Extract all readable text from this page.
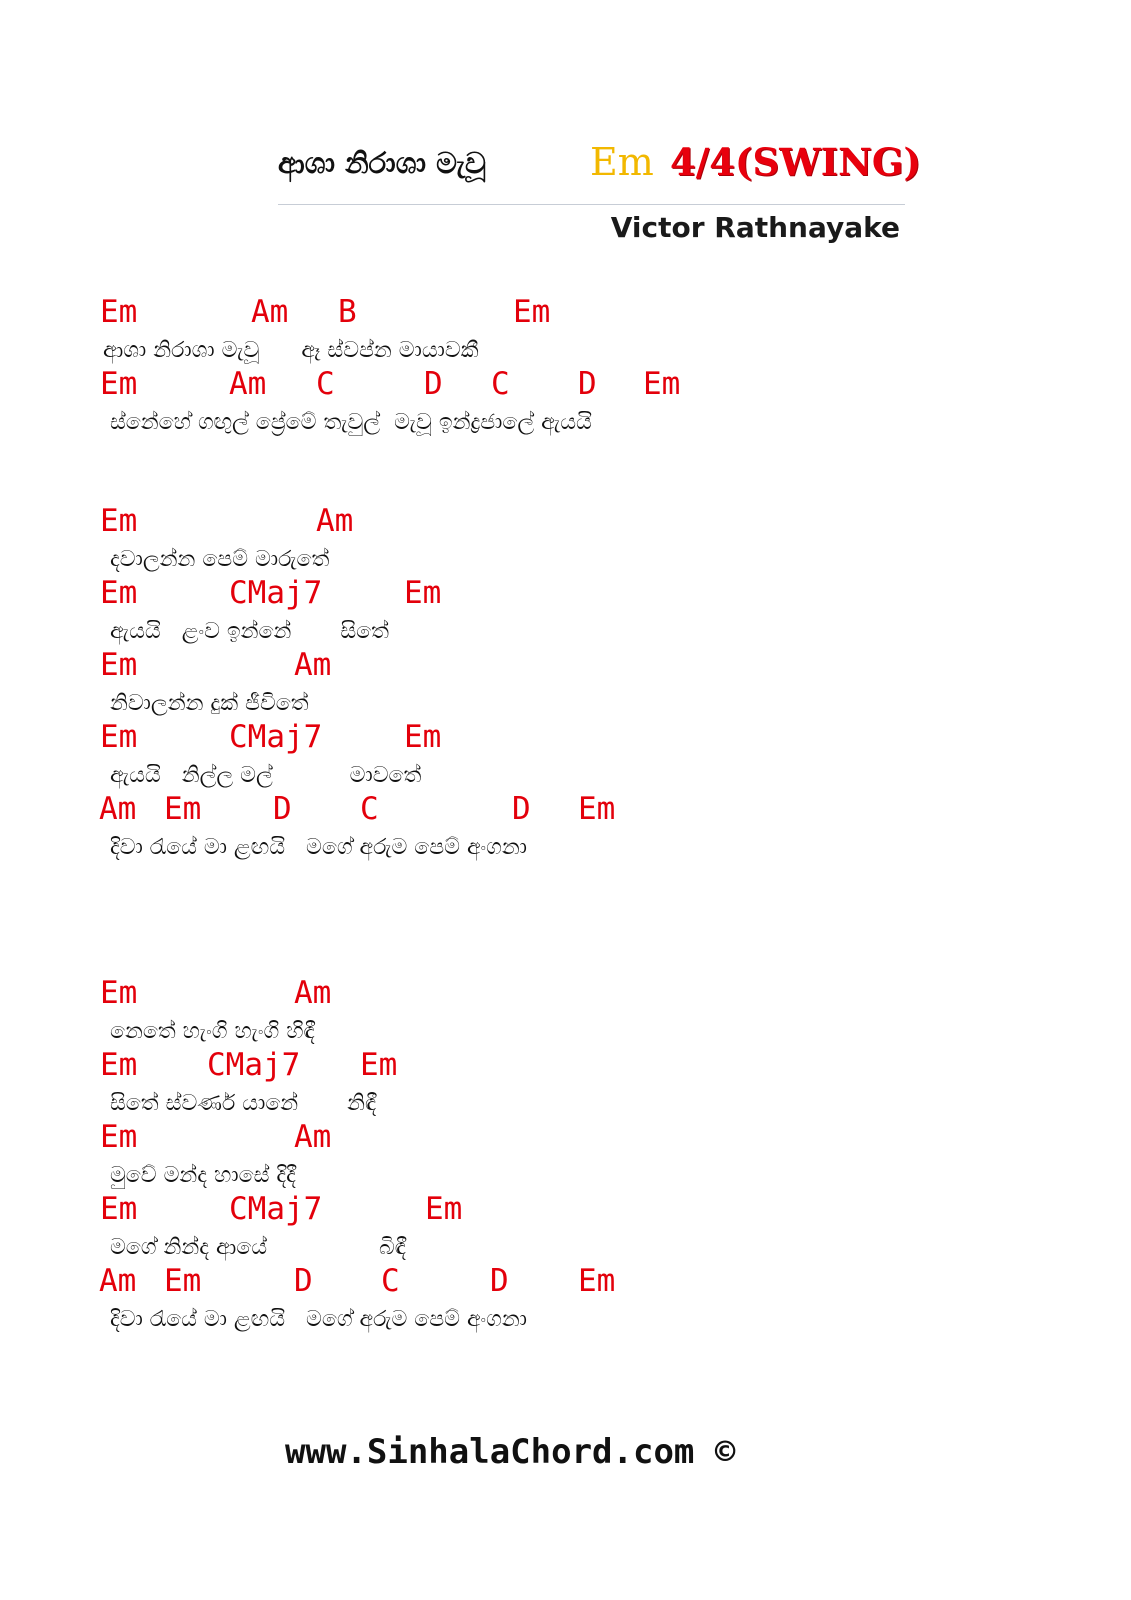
ආශා නිරාශා මැවූ	Em 4/4(SWING)
Victor Rathnayake
Em	Am B	Em
ආශා නිරාශා මැවූ      ඈ ස්වප්න මායාවකී
Em	Am C	D C D Em
ස්නේහේ ගඟුල් ප්‍රේමේ තැවුල්  මැවූ ඉන්ද්‍රජාලේ ඇයයි
Em	Am
දවාලන්න පෙම් මාරුතේ
Em	CMaj7	Em
ඇයයි   ළංව ඉන්නේ       සිතේ
Em	Am
නිවාලන්න දුක් ජීවිතේ
Em	CMaj7	Em
ඇයයි   නිල්ල මල්           මාවතේ
Am Em D C	D Em
දිවා රැයේ මා ළඟයි   මගේ අරුම පෙම් අංගනා
Em	Am
නෙතේ හැංගි හැංගි හිඳී
Em CMaj7 Em
සිතේ ස්වර්ණ යානේ       නිඳී
Em	Am
මුවේ මන්ද හාසේ දිදී
Em	CMaj7	Em
මගේ නින්ද ආයේ                බිඳී
Am Em	D C	D Em
දිවා රැයේ මා ළඟයි   මගේ අරුම පෙම් අංගනා
www.SinhalaChord.com ©
